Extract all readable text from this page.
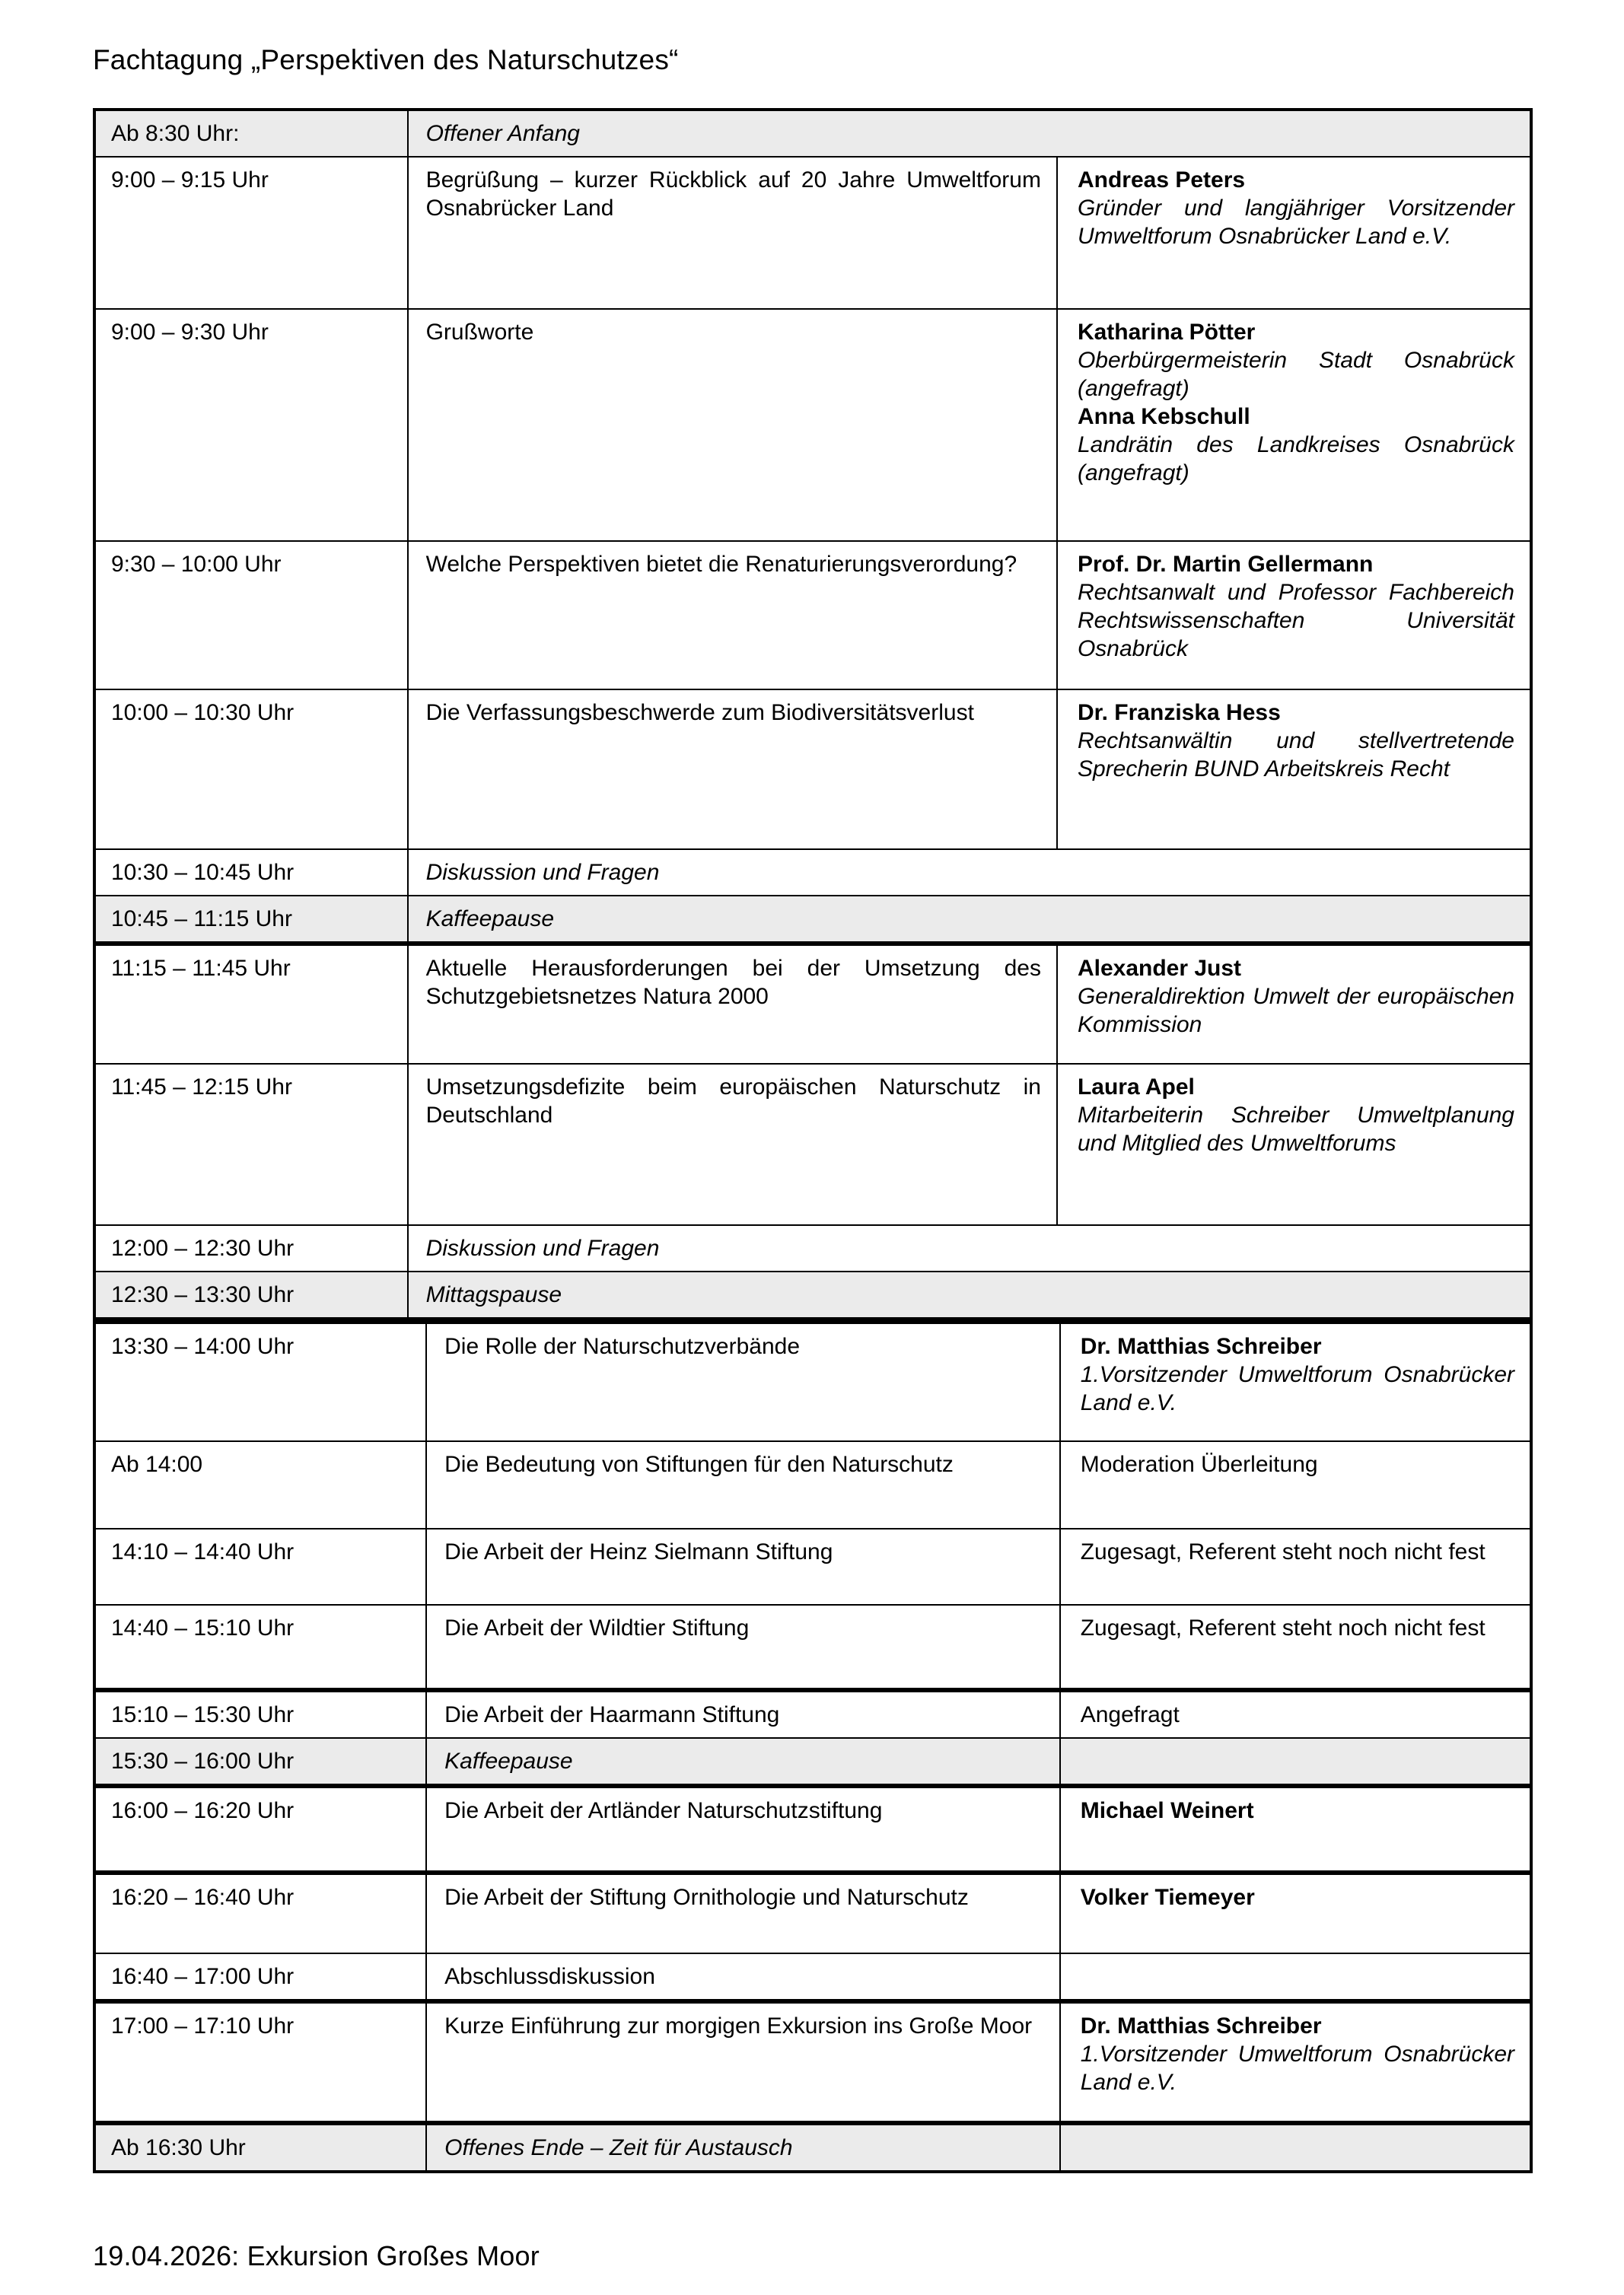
Fachtagung „Perspektiven des Naturschutzes“
Ab 8:30 Uhr:	Offener Anfang	

9:00 – 9:15 Uhr	Begrüßung – kurzer Rückblick auf 20 Jahre Umweltforum Osnabrücker Land	Andreas Peters
Gründer und langjähriger Vorsitzender Umweltforum Osnabrücker Land e.V.

9:00 – 9:30 Uhr	Grußworte	Katharina Pötter
Oberbürgermeisterin Stadt Osnabrück (angefragt)
Anna Kebschull
Landrätin des Landkreises Osnabrück (angefragt)

9:30 – 10:00 Uhr	Welche Perspektiven bietet die Renaturierungsverordung?	Prof. Dr. Martin Gellermann
Rechtsanwalt und Professor Fachbereich Rechtswissenschaften Universität Osnabrück

10:00 – 10:30 Uhr	Die Verfassungsbeschwerde zum Biodiversitätsverlust	Dr. Franziska Hess
Rechtsanwältin und stellvertretende Sprecherin BUND Arbeitskreis Recht

10:30 – 10:45 Uhr	Diskussion und Fragen	

10:45 – 11:15 Uhr	Kaffeepause	

11:15 – 11:45 Uhr	Aktuelle Herausforderungen bei der Umsetzung des Schutzgebietsnetzes Natura 2000	Alexander Just
Generaldirektion Umwelt der europäischen Kommission

11:45 – 12:15 Uhr	Umsetzungsdefizite beim europäischen Naturschutz in Deutschland	Laura Apel
Mitarbeiterin Schreiber Umweltplanung und Mitglied des Umweltforums

12:00 – 12:30 Uhr	Diskussion und Fragen	

12:30 – 13:30 Uhr	Mittagspause	
13:30 – 14:00 Uhr	Die Rolle der Naturschutzverbände	Dr. Matthias Schreiber
1.Vorsitzender Umweltforum Osnabrücker Land e.V.

Ab 14:00	Die Bedeutung von Stiftungen für den Naturschutz	Moderation Überleitung

14:10 – 14:40 Uhr	Die Arbeit der Heinz Sielmann Stiftung	Zugesagt, Referent steht noch nicht fest

14:40 – 15:10 Uhr	Die Arbeit der Wildtier Stiftung	Zugesagt, Referent steht noch nicht fest

15:10 – 15:30 Uhr	Die Arbeit der Haarmann Stiftung	Angefragt

15:30 – 16:00 Uhr	Kaffeepause	

16:00 – 16:20 Uhr	Die Arbeit der Artländer Naturschutzstiftung	Michael Weinert

16:20 – 16:40 Uhr	Die Arbeit der Stiftung Ornithologie und Naturschutz	Volker Tiemeyer

16:40 – 17:00 Uhr	Abschlussdiskussion	

17:00 – 17:10 Uhr	Kurze Einführung zur morgigen Exkursion ins Große Moor	Dr. Matthias Schreiber
1.Vorsitzender Umweltforum Osnabrücker Land e.V.

Ab 16:30 Uhr	Offenes Ende – Zeit für Austausch	

19.04.2026: Exkursion Großes Moor
